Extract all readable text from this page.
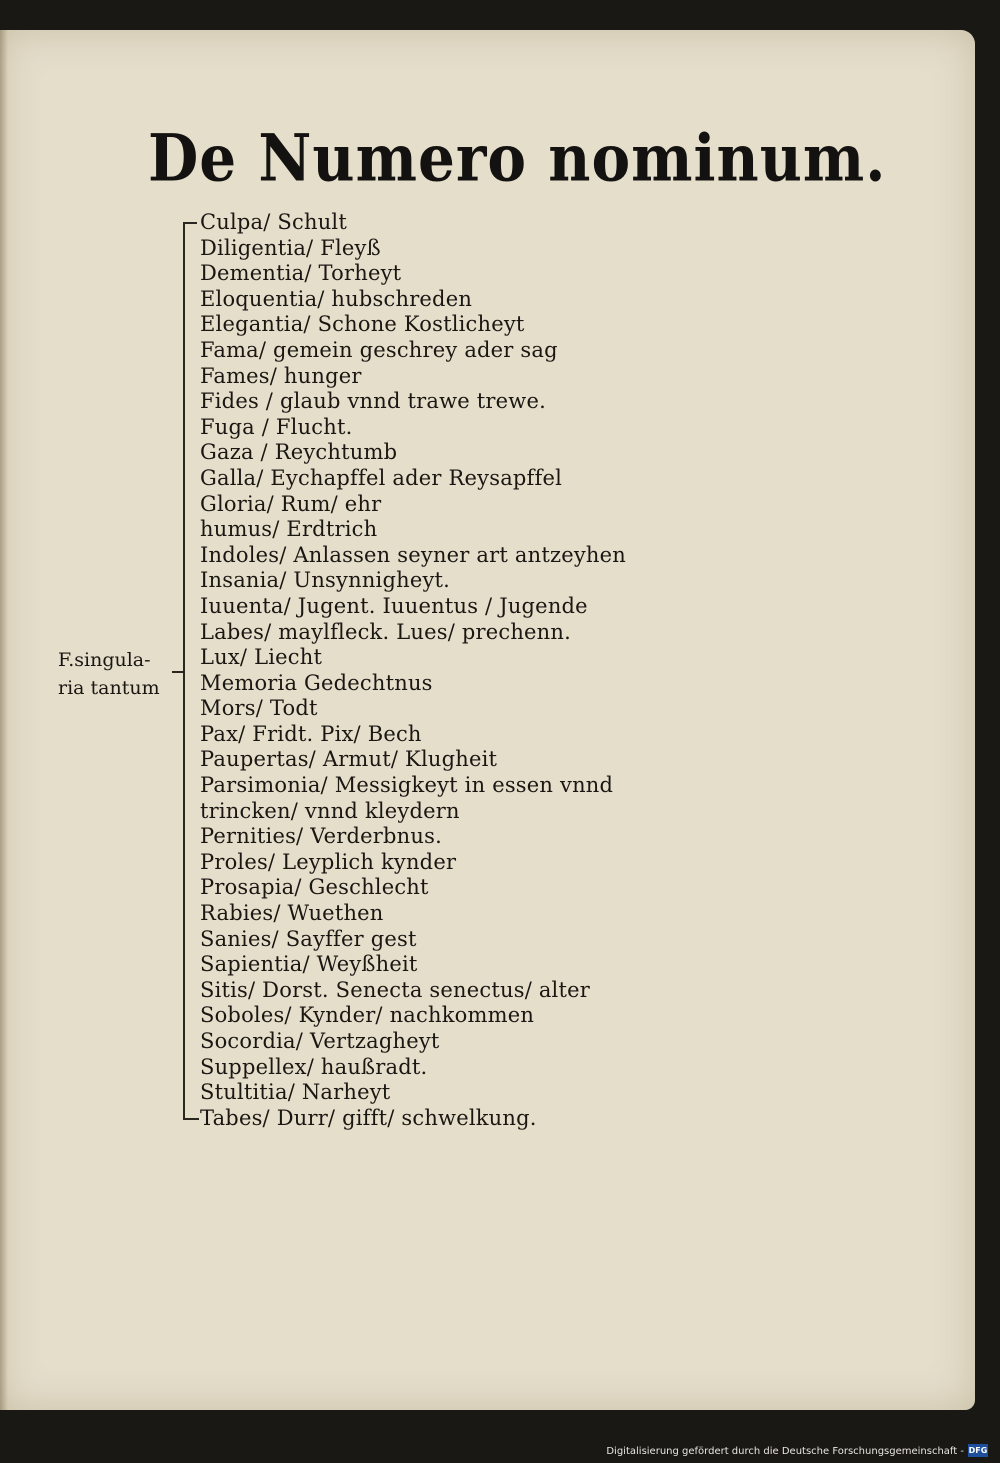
De Numero nominum.
F.singula-
ria tantum
Culpa/ Schult
Diligentia/ Fleyß
Dementia/ Torheyt
Eloquentia/ hubschreden
Elegantia/ Schone Kostlicheyt
Fama/ gemein geschrey ader sag
Fames/ hunger
Fides / glaub vnnd trawe trewe.
Fuga / Flucht.
Gaza / Reychtumb
Galla/ Eychapffel ader Reysapffel
Gloria/ Rum/ ehr
humus/ Erdtrich
Indoles/ Anlassen seyner art antzeyhen
Insania/ Unsynnigheyt.
Iuuenta/ Jugent. Iuuentus / Jugende
Labes/ maylfleck. Lues/ prechenn.
Lux/ Liecht
Memoria Gedechtnus
Mors/ Todt
Pax/ Fridt. Pix/ Bech
Paupertas/ Armut/ Klugheit
Parsimonia/ Messigkeyt in essen vnnd
trincken/ vnnd kleydern
Pernities/ Verderbnus.
Proles/ Leyplich kynder
Prosapia/ Geschlecht
Rabies/ Wuethen
Sanies/ Sayffer gest
Sapientia/ Weyßheit
Sitis/ Dorst. Senecta senectus/ alter
Soboles/ Kynder/ nachkommen
Socordia/ Vertzagheyt
Suppellex/ haußradt.
Stultitia/ Narheyt
Tabes/ Durr/ gifft/ schwelkung.
Digitalisierung gefördert durch die Deutsche Forschungsgemeinschaft - DFG
